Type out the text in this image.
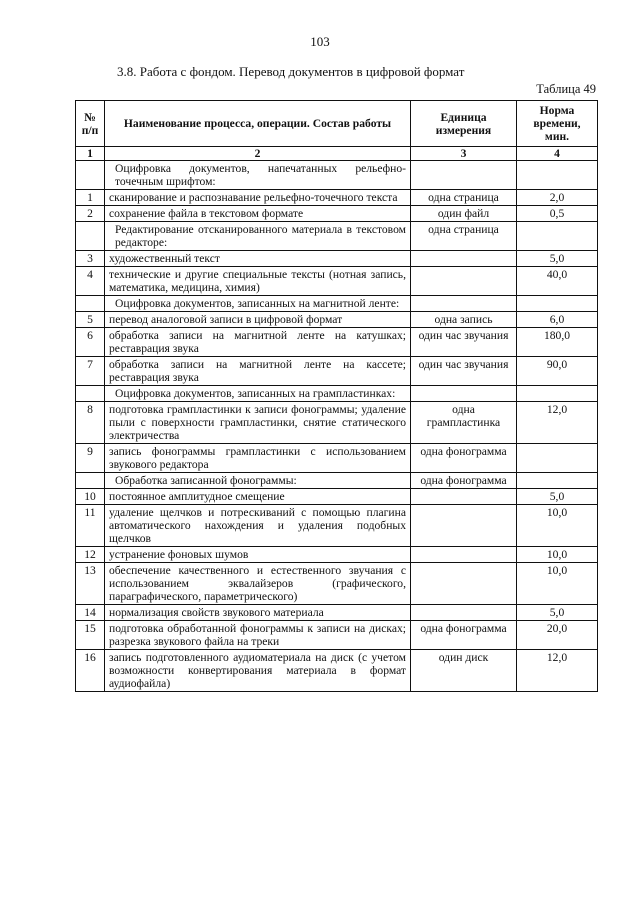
103
3.8. Работа с фондом. Перевод документов в цифровой формат
Таблица 49
№ п/п	Наименование процесса, операции. Состав работы	Единица измерения	Норма времени, мин.
1	2	3	4
	Оцифровка документов, напечатанных рельефно-точечным шрифтом:		
1	сканирование и распознавание рельефно-точечного текста	одна страница	2,0
2	сохранение файла в текстовом формате	один файл	0,5
	Редактирование отсканированного материала в текстовом редакторе:	одна страница	
3	художественный текст		5,0
4	технические и другие специальные тексты (нотная запись, математика, медицина, химия)		40,0
	Оцифровка документов, записанных на магнитной ленте:		
5	перевод аналоговой записи в цифровой формат	одна запись	6,0
6	обработка записи на магнитной ленте на катушках; реставрация звука	один час звучания	180,0
7	обработка записи на магнитной ленте на кассете; реставрация звука	один час звучания	90,0
	Оцифровка документов, записанных на грампластинках:		
8	подготовка грампластинки к записи фонограммы; удаление пыли с поверхности грампластинки, снятие статического электричества	одна грампластинка	12,0
9	запись фонограммы грампластинки с использованием звукового редактора	одна фонограмма	
	Обработка записанной фонограммы:	одна фонограмма	
10	постоянное амплитудное смещение		5,0
11	удаление щелчков и потрескиваний с помощью плагина автоматического нахождения и удаления подобных щелчков		10,0
12	устранение фоновых шумов		10,0
13	обеспечение качественного и естественного звучания с использованием эквалайзеров (графического, параграфического, параметрического)		10,0
14	нормализация свойств звукового материала		5,0
15	подготовка обработанной фонограммы к записи на дисках; разрезка звукового файла на треки	одна фонограмма	20,0
16	запись подготовленного аудиоматериала на диск (с учетом возможности конвертирования материала в формат аудиофайла)	один диск	12,0
